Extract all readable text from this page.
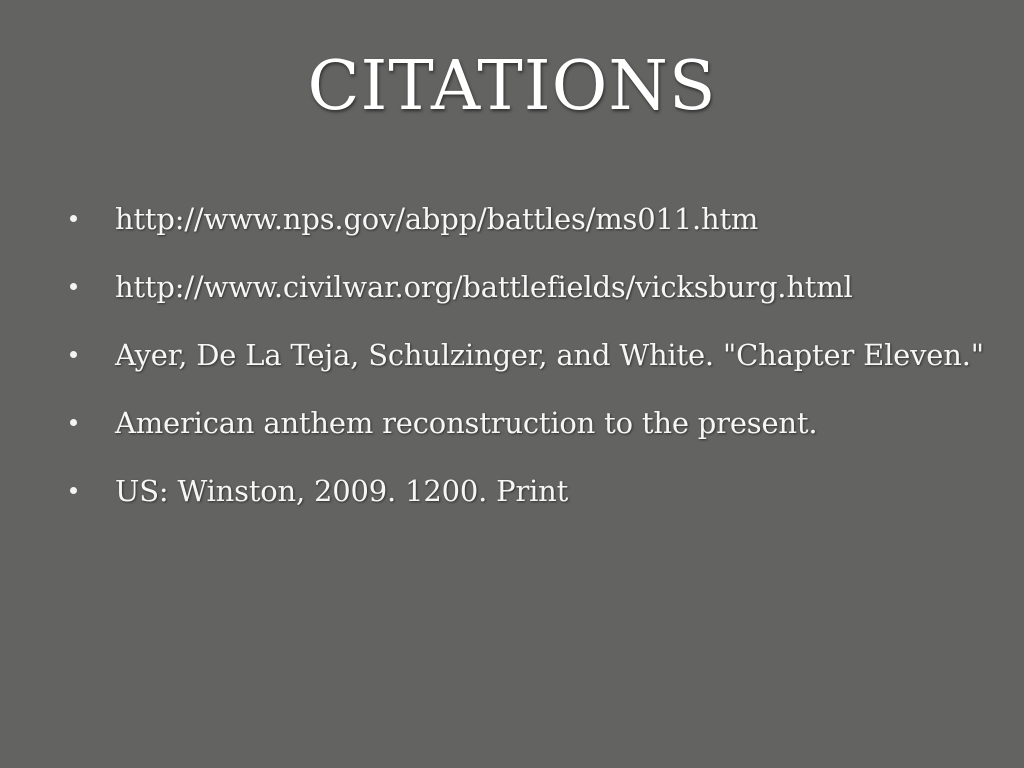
CITATIONS
http://www.nps.gov/abpp/battles/ms011.htm
http://www.civilwar.org/battlefields/vicksburg.html
Ayer, De La Teja, Schulzinger, and White. "Chapter Eleven."
American anthem reconstruction to the present.
US: Winston, 2009. 1200. Print
